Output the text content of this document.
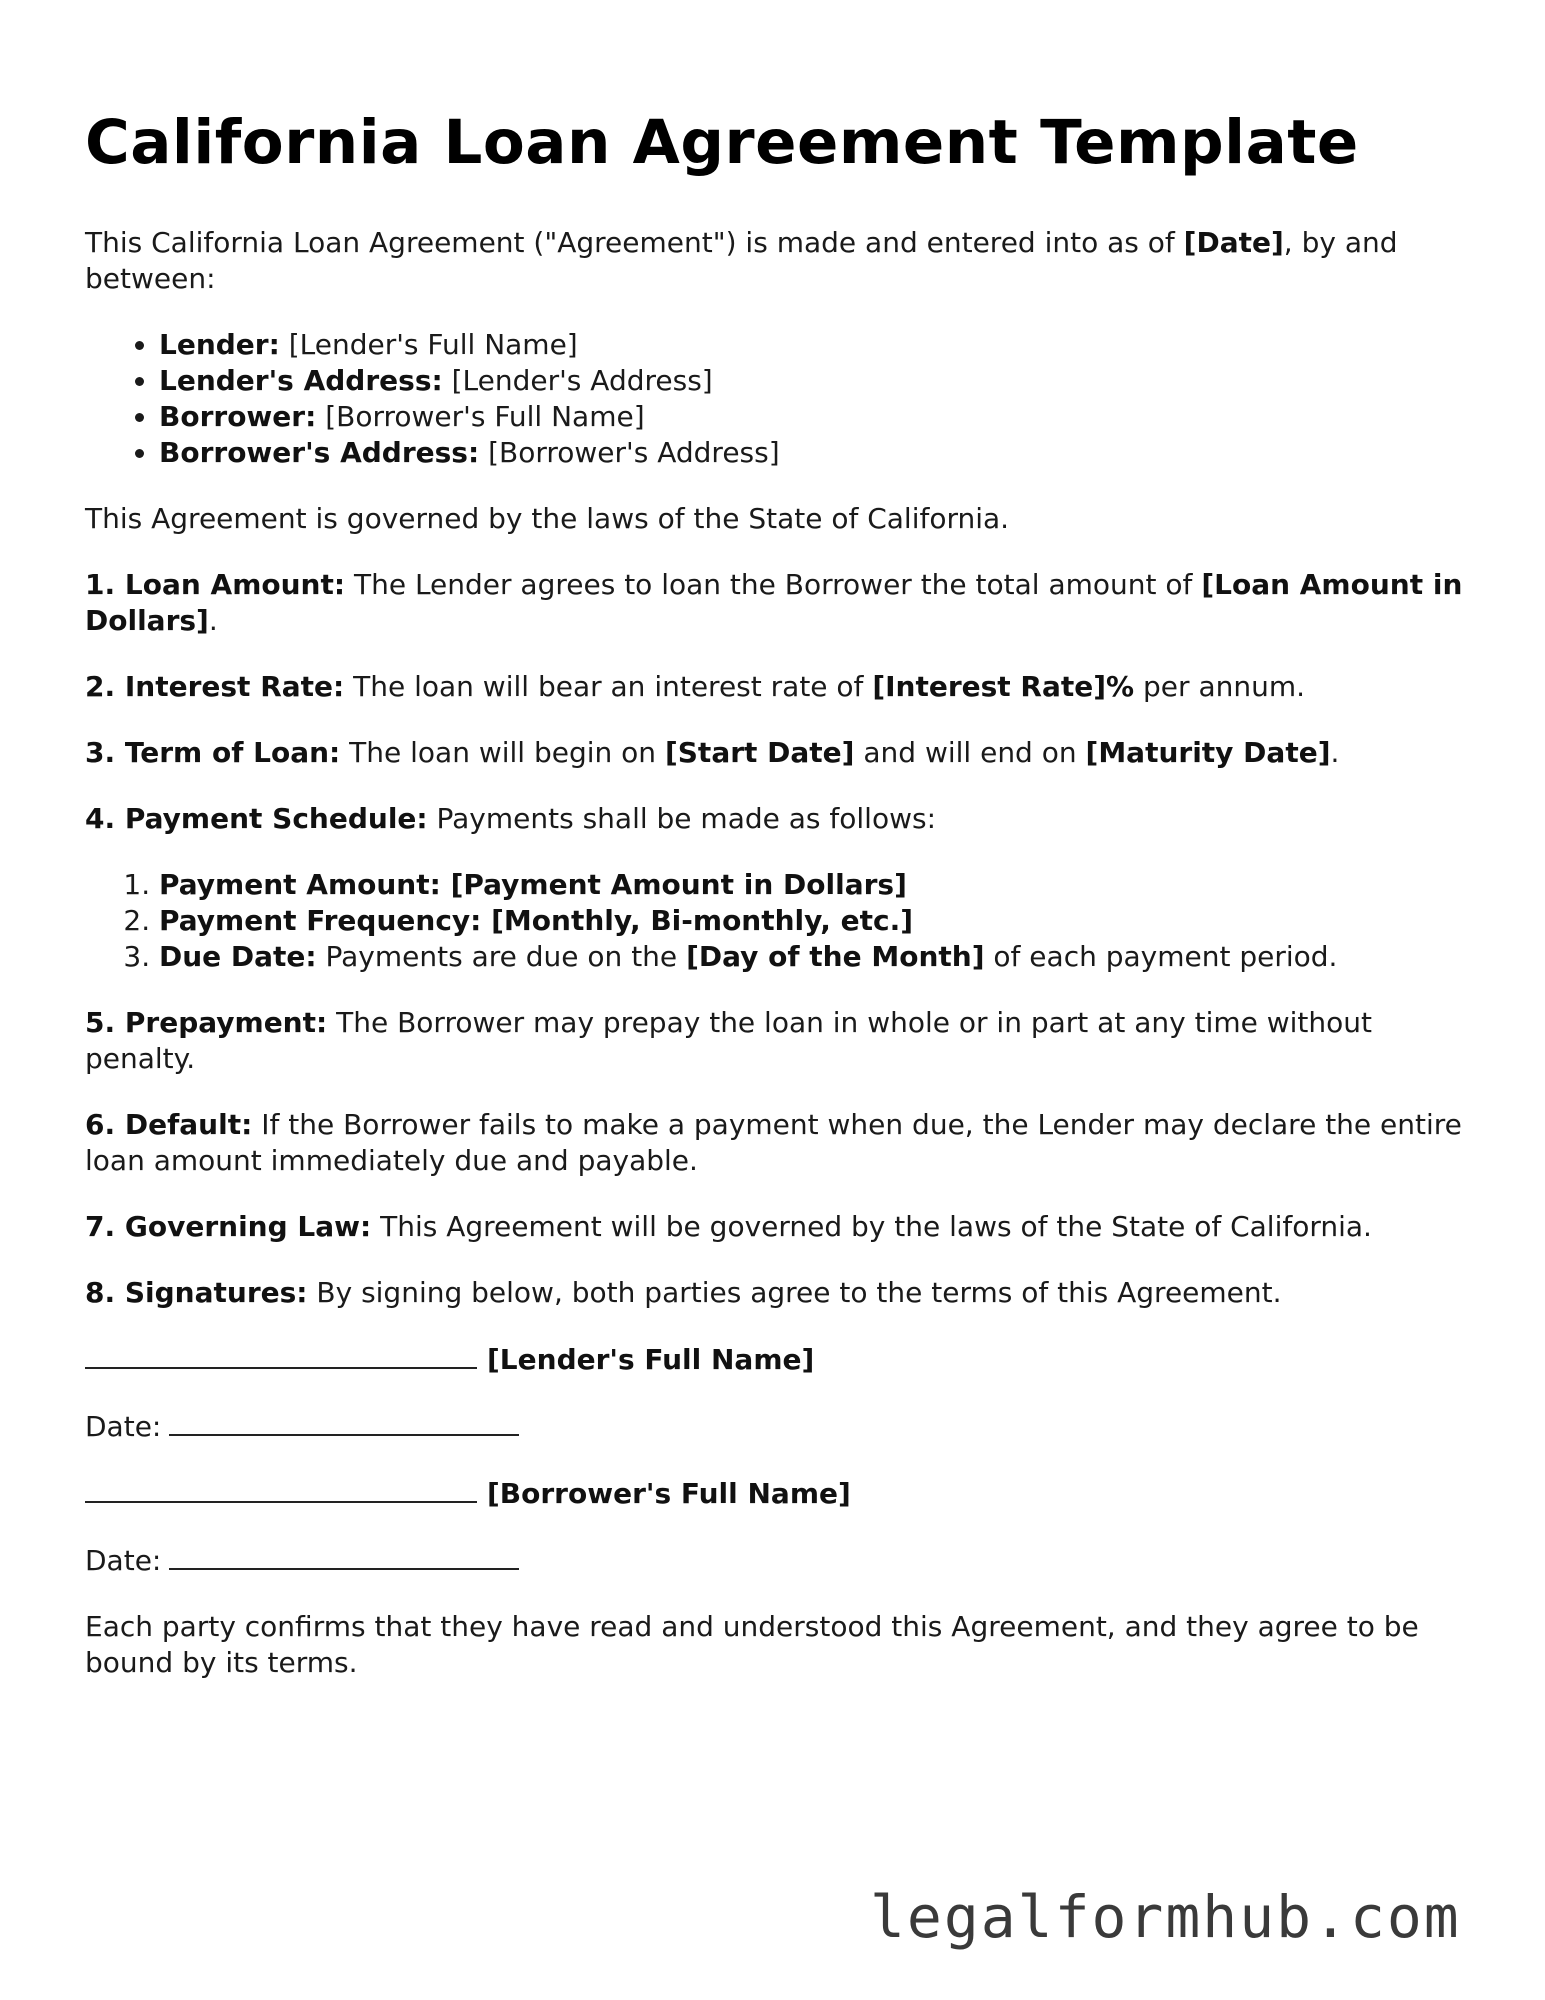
California Loan Agreement Template

This California Loan Agreement ("Agreement") is made and entered into as of [Date], by and between:

• Lender: [Lender's Full Name]
• Lender's Address: [Lender's Address]
• Borrower: [Borrower's Full Name]
• Borrower's Address: [Borrower's Address]

This Agreement is governed by the laws of the State of California.

1. Loan Amount: The Lender agrees to loan the Borrower the total amount of [Loan Amount in Dollars].

2. Interest Rate: The loan will bear an interest rate of [Interest Rate]% per annum.

3. Term of Loan: The loan will begin on [Start Date] and will end on [Maturity Date].

4. Payment Schedule: Payments shall be made as follows:

1. Payment Amount: [Payment Amount in Dollars]
2. Payment Frequency: [Monthly, Bi-monthly, etc.]
3. Due Date: Payments are due on the [Day of the Month] of each payment period.

5. Prepayment: The Borrower may prepay the loan in whole or in part at any time without penalty.

6. Default: If the Borrower fails to make a payment when due, the Lender may declare the entire loan amount immediately due and payable.

7. Governing Law: This Agreement will be governed by the laws of the State of California.

8. Signatures: By signing below, both parties agree to the terms of this Agreement.

[Lender's Full Name]

Date:

[Borrower's Full Name]

Date:

Each party confirms that they have read and understood this Agreement, and they agree to be bound by its terms.

legalformhub.com
